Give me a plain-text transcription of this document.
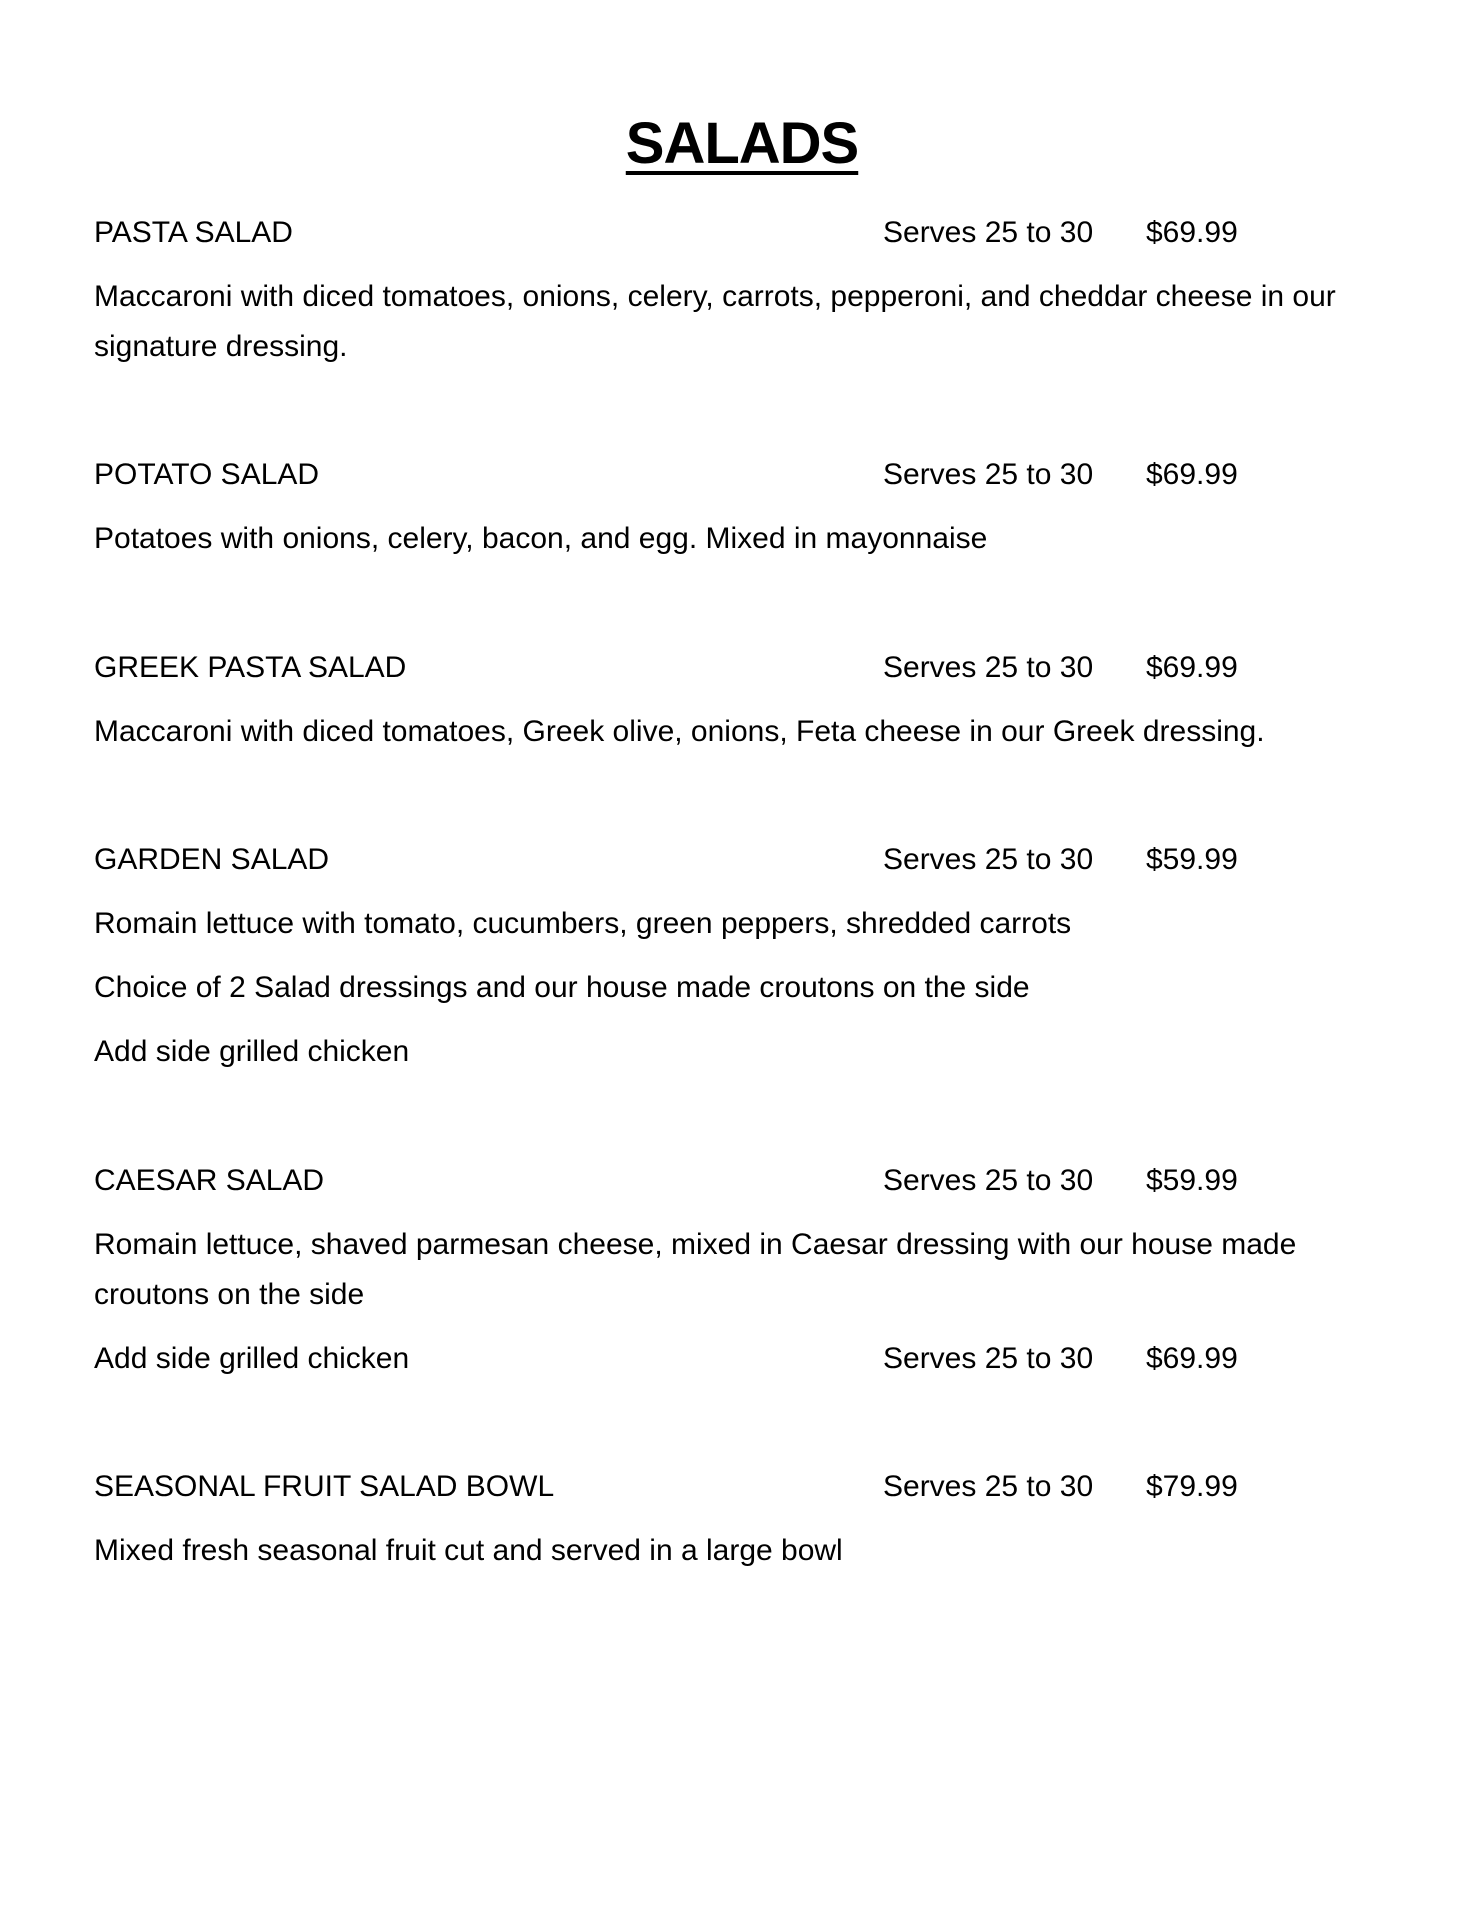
SALADS
PASTA SALAD	Serves 25 to 30 $69.99
Maccaroni with diced tomatoes, onions, celery, carrots, pepperoni, and cheddar cheese in our signature dressing.
POTATO SALAD	Serves 25 to 30 $69.99
Potatoes with onions, celery, bacon, and egg. Mixed in mayonnaise
GREEK PASTA SALAD	Serves 25 to 30 $69.99
Maccaroni with diced tomatoes, Greek olive, onions, Feta cheese in our Greek dressing.
GARDEN SALAD	Serves 25 to 30 $59.99
Romain lettuce with tomato, cucumbers, green peppers, shredded carrots
Choice of 2 Salad dressings and our house made croutons on the side
Add side grilled chicken
CAESAR SALAD	Serves 25 to 30 $59.99
Romain lettuce, shaved parmesan cheese, mixed in Caesar dressing with our house made croutons on the side
Add side grilled chicken	Serves 25 to 30 $69.99
SEASONAL FRUIT SALAD BOWL	Serves 25 to 30 $79.99
Mixed fresh seasonal fruit cut and served in a large bowl
